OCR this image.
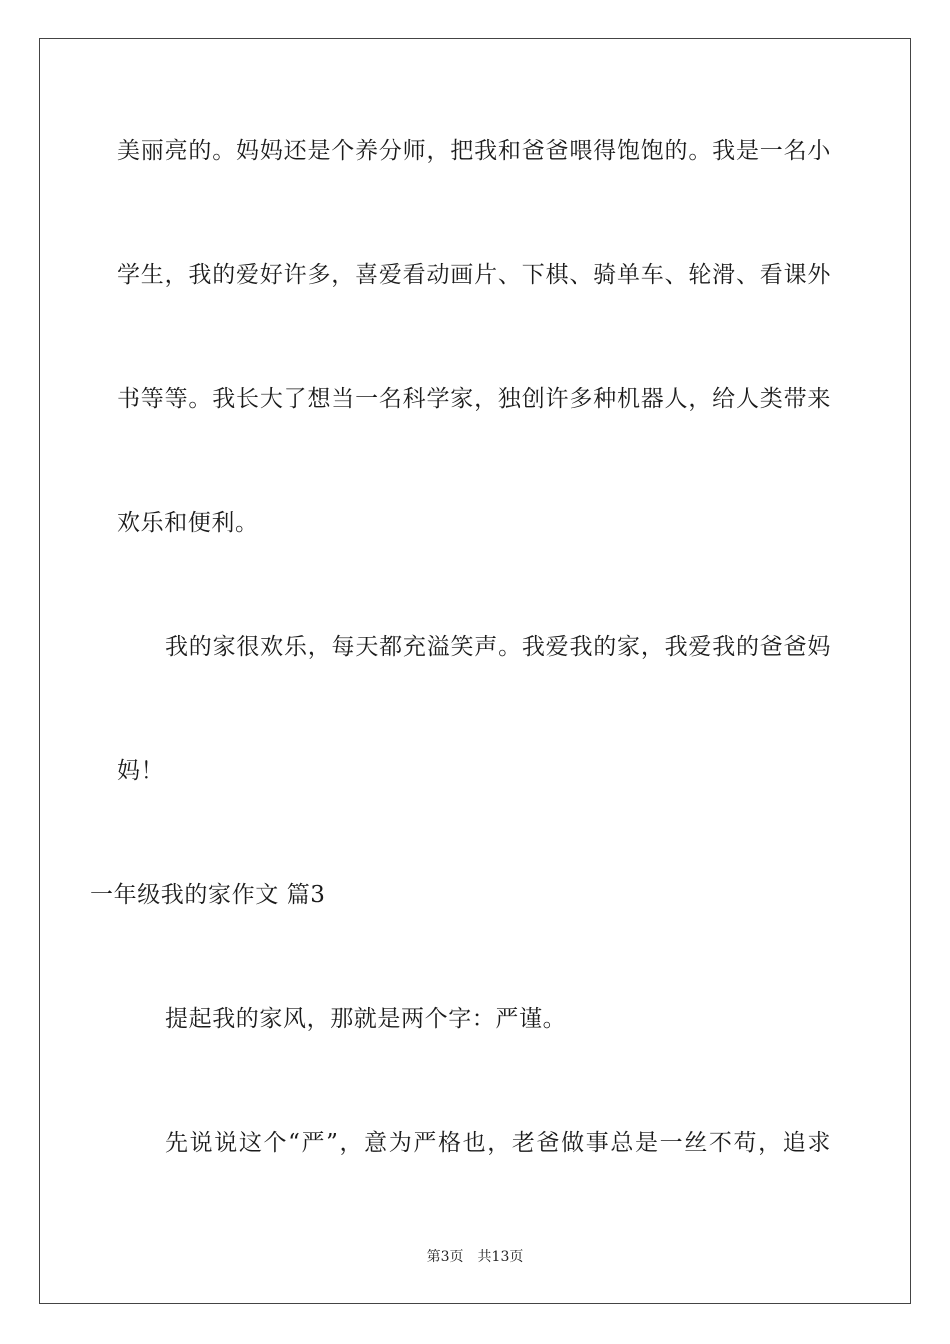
美丽亮的。妈妈还是个养分师，把我和爸爸喂得饱饱的。我是一名小
学生，我的爱好许多，喜爱看动画片、下棋、骑单车、轮滑、看课外
书等等。我长大了想当一名科学家，独创许多种机器人，给人类带来
欢乐和便利。
我的家很欢乐，每天都充溢笑声。我爱我的家，我爱我的爸爸妈
妈！
一年级我的家作文 篇3
提起我的家风，那就是两个字：严谨。
先说说这个“严”，意为严格也，老爸做事总是一丝不苟，追求
第3页 共13页
